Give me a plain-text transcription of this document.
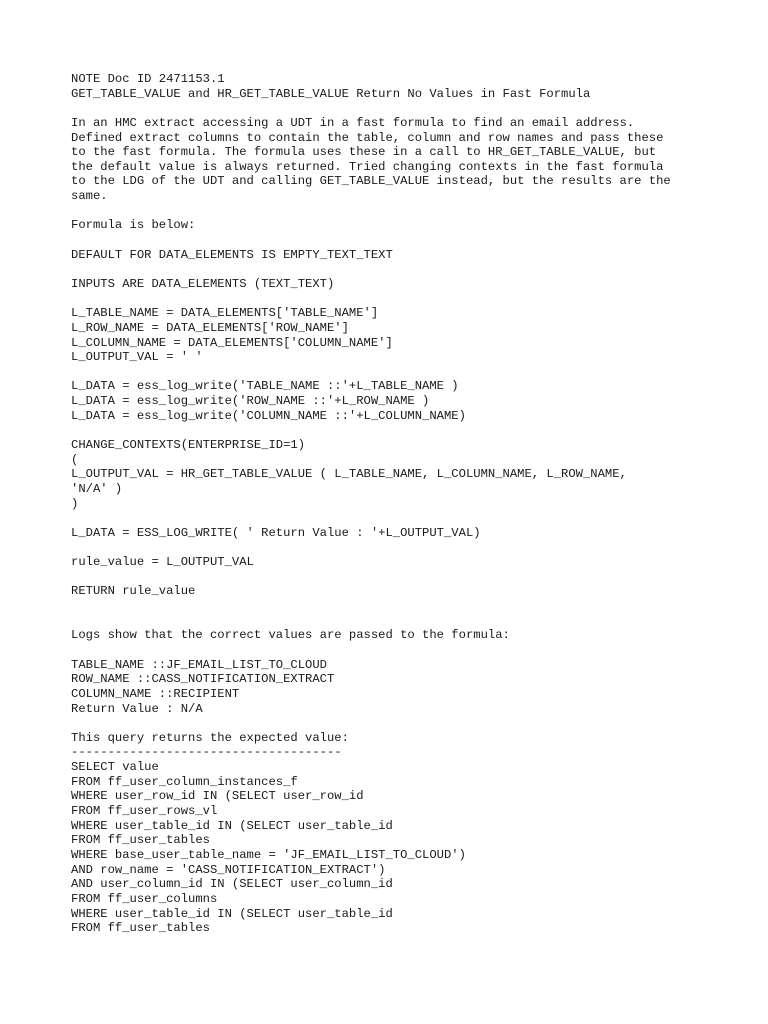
NOTE Doc ID 2471153.1
GET_TABLE_VALUE and HR_GET_TABLE_VALUE Return No Values in Fast Formula
In an HMC extract accessing a UDT in a fast formula to find an email address.
Defined extract columns to contain the table, column and row names and pass these
to the fast formula. The formula uses these in a call to HR_GET_TABLE_VALUE, but
the default value is always returned. Tried changing contexts in the fast formula
to the LDG of the UDT and calling GET_TABLE_VALUE instead, but the results are the
same.
Formula is below:
DEFAULT FOR DATA_ELEMENTS IS EMPTY_TEXT_TEXT
INPUTS ARE DATA_ELEMENTS (TEXT_TEXT)
L_TABLE_NAME = DATA_ELEMENTS['TABLE_NAME']
L_ROW_NAME = DATA_ELEMENTS['ROW_NAME']
L_COLUMN_NAME = DATA_ELEMENTS['COLUMN_NAME']
L_OUTPUT_VAL = ' '
L_DATA = ess_log_write('TABLE_NAME ::'+L_TABLE_NAME )
L_DATA = ess_log_write('ROW_NAME ::'+L_ROW_NAME )
L_DATA = ess_log_write('COLUMN_NAME ::'+L_COLUMN_NAME)
CHANGE_CONTEXTS(ENTERPRISE_ID=1)
(
L_OUTPUT_VAL = HR_GET_TABLE_VALUE ( L_TABLE_NAME, L_COLUMN_NAME, L_ROW_NAME,
'N/A' )
)
L_DATA = ESS_LOG_WRITE( ' Return Value : '+L_OUTPUT_VAL)
rule_value = L_OUTPUT_VAL
RETURN rule_value
Logs show that the correct values are passed to the formula:
TABLE_NAME ::JF_EMAIL_LIST_TO_CLOUD
ROW_NAME ::CASS_NOTIFICATION_EXTRACT
COLUMN_NAME ::RECIPIENT
Return Value : N/A
This query returns the expected value:
-------------------------------------
SELECT value
FROM ff_user_column_instances_f
WHERE user_row_id IN (SELECT user_row_id
FROM ff_user_rows_vl
WHERE user_table_id IN (SELECT user_table_id
FROM ff_user_tables
WHERE base_user_table_name = 'JF_EMAIL_LIST_TO_CLOUD')
AND row_name = 'CASS_NOTIFICATION_EXTRACT')
AND user_column_id IN (SELECT user_column_id
FROM ff_user_columns
WHERE user_table_id IN (SELECT user_table_id
FROM ff_user_tables
